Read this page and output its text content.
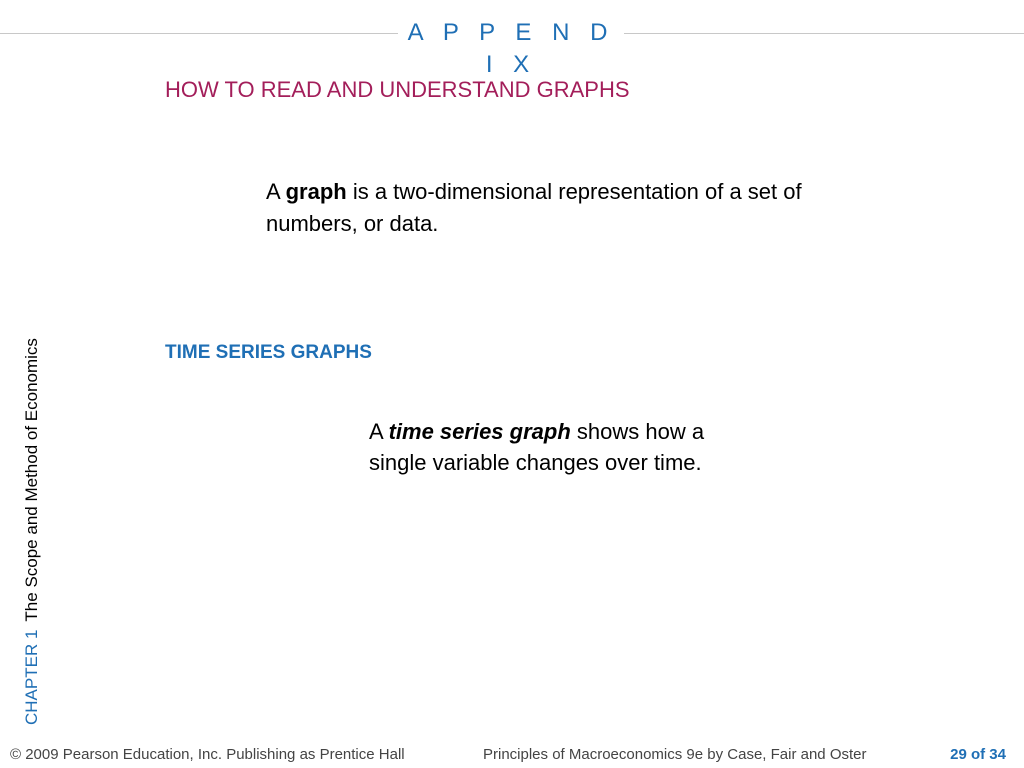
A P P E N D I X
HOW TO READ AND UNDERSTAND GRAPHS
A graph is a two-dimensional representation of a set of numbers, or data.
TIME SERIES GRAPHS
A time series graph shows how a single variable changes over time.
CHAPTER 1The Scope and Method of Economics
© 2009 Pearson Education, Inc. Publishing as Prentice Hall	Principles of Macroeconomics 9e by Case, Fair and Oster	29 of 34
